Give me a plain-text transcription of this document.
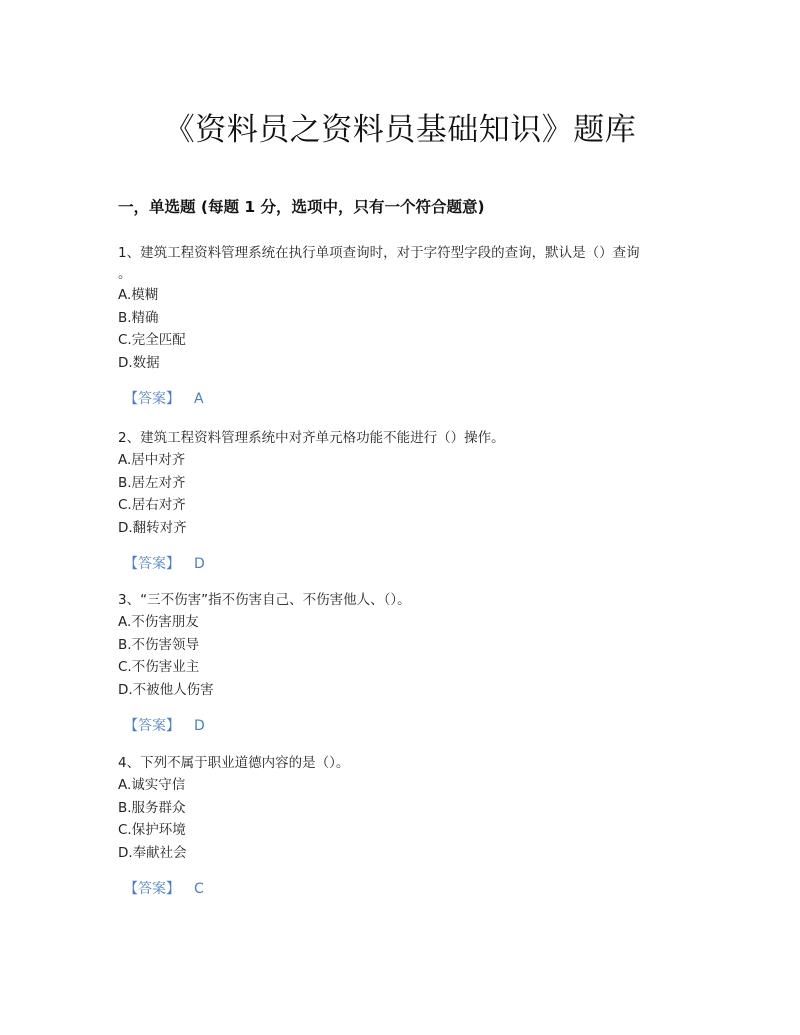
《资料员之资料员基础知识》题库
一，单选题 (每题 1 分，选项中，只有一个符合题意)

1、建筑工程资料管理系统在执行单项查询时，对于字符型字段的查询，默认是（）查询

。

A.模糊

B.精确

C.完全匹配

D.数据

【答案】 A

2、建筑工程资料管理系统中对齐单元格功能不能进行（）操作。

A.居中对齐

B.居左对齐

C.居右对齐

D.翻转对齐

【答案】 D

3、“三不伤害”指不伤害自己、不伤害他人、（）。

A.不伤害朋友

B.不伤害领导

C.不伤害业主

D.不被他人伤害

【答案】 D

4、下列不属于职业道德内容的是（）。

A.诚实守信

B.服务群众

C.保护环境

D.奉献社会

【答案】 C
